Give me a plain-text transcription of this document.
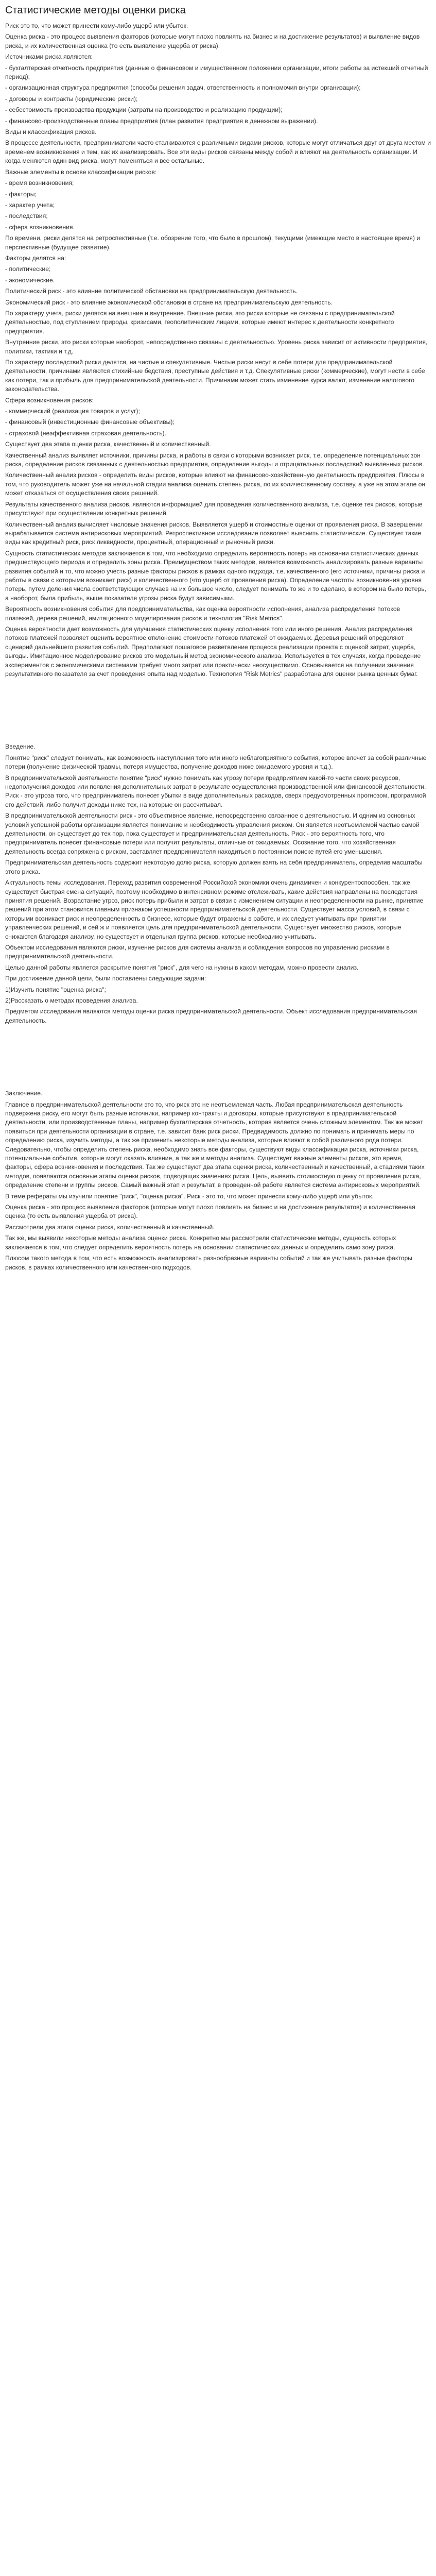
Статистические методы оценки риска

Риск это то, что может принести кому-либо ущерб или убыток.

Оценка риска - это процесс выявления факторов (которые могут плохо повлиять на бизнес и на достижение результатов) и выявление видов риска, и их количественная оценка (то есть выявление ущерба от риска).

Источниками риска являются:

- бухгалтерская отчетность предприятия (данные о финансовом и имущественном положении организации, итоги работы за истекший отчетный период);

- организационная структура предприятия (способы решения задач, ответственность и полномочия внутри организации);

- договоры и контракты (юридические риски);

- себестоимость производства продукции (затраты на производство и реализацию продукции);

- финансово-производственные планы предприятия (план развития предприятия в денежном выражении).

Виды и классификация рисков.

В процессе деятельности, предприниматели часто сталкиваются с различными видами рисков, которые могут отличаться друг от друга местом и временем возникновения и тем, как их анализировать. Все эти виды рисков связаны между собой и влияют на деятельность организации. И когда меняются один вид риска, могут поменяться и все остальные.

Важные элементы в основе классификации рисков:

- время возникновения;

- факторы;

- характер учета;

- последствия;

- сфера возникновения.

По времени, риски делятся на ретроспективные (т.е. обозрение того, что было в прошлом), текущими (имеющие место в настоящее время) и перспективные (будущее развитие).

Факторы делятся на:

- политические;

- экономические.

Политический риск - это влияние политической обстановки на предпринимательскую деятельность.

Экономический риск - это влияние экономической обстановки в стране на предпринимательскую деятельность.

По характеру учета, риски делятся на внешние и внутренние. Внешние риски, это риски которые не связаны с предпринимательской деятельностью, под ступлением природы, кризисами, геополитическим лицами, которые имеют интерес к деятельности конкретного предприятия.

Внутренние риски, это риски которые наоборот, непосредственно связаны с деятельностью. Уровень риска зависит от активности предприятия, политики, тактики и т.д.

По характеру последствий риски делятся, на чистые и спекулятивные. Чистые риски несут в себе потери для предпринимательской деятельности, причинами являются стихийные бедствия, преступные действия и т.д. Спекулятивные риски (коммерческие), могут нести в себе как потери, так и прибыль для предпринимательской деятельности. Причинами может стать изменение курса валют, изменение налогового законодательства.

Сфера возникновения рисков:

- коммерческий (реализация товаров и услуг);

- финансовый (инвестиционные финансовые объективы);

- страховой (неэффективная страховая деятельность).

Существует два этапа оценки риска, качественный и количественный.

Качественный анализ выявляет источники, причины риска, и работы в связи с которыми возникает риск, т.е. определение потенциальных зон риска, определение рисков связанных с деятельностью предприятия, определение выгоды и отрицательных последствий выявленных рисков.

Количественный анализ рисков - определить виды рисков, которые влияют на финансово-хозяйственную деятельность предприятия. Плюсы в том, что руководитель может уже на начальной стадии анализа оценить степень риска, по их количественному составу, а уже на этом этапе он может отказаться от осуществления своих решений.

Результаты качественного анализа рисков, являются информацией для проведения количественного анализа, т.е. оценке тех рисков, которые присутствуют при осуществлении конкретных решений.

Количественный анализ вычисляет числовые значения рисков. Выявляется ущерб и стоимостные оценки от проявления риска. В завершении вырабатывается система антирисковых мероприятий. Ретроспективное исследование позволяет выяснить статистические. Существует такие виды как кредитный риск, риск ликвидности, процентный, операционный и рыночный риски.

Сущность статистических методов заключается в том, что необходимо определить вероятность потерь на основании статистических данных предшествующего периода и определить зоны риска. Преимуществом таких методов, является возможность анализировать разные варианты развития событий и то, что можно учесть разные факторы рисков в рамках одного подхода, т.е. качественного (его источники, причины риска и работы в связи с которыми возникает риск) и количественного (что ущерб от проявления риска). Определение частоты возникновения уровня потерь, путем деления числа соответствующих случаев на их большое число, следует понимать то же и то сделано, в котором на было потерь, а наоборот, была прибыль, выше показателя угрозы риска будут зависимыми.

Вероятность возникновения события для предпринимательства, как оценка вероятности исполнения, анализа распределения потоков платежей, дерева решений, имитационного моделирования рисков и технология "Risk Metrics".

Оценка вероятности дает возможность для улучшения статистических оценку исполнения того или иного решения. Анализ распределения потоков платежей позволяет оценить вероятное отклонение стоимости потоков платежей от ожидаемых. Деревья решений определяют сценарий дальнейшего развития событий. Предполагают пошаговое разветвление процесса реализации проекта с оценкой затрат, ущерба, выгоды. Имитационное моделирование рисков это модельный метод экономического анализа. Используется в тех случаях, когда проведение экспериментов с экономическими системами требует много затрат или практически неосуществимо. Основывается на получении значения результативного показателя за счет проведения опыта над моделью. Технология "Risk Metrics" разработана для оценки рынка ценных бумаг.

Введение.

Понятие "риск" следует понимать, как возможность наступления того или иного неблагоприятного события, которое влечет за собой различные потери (получение физической травмы, потеря имущества, получение доходов ниже ожидаемого уровня и т.д.).

В предпринимательской деятельности понятие "риск" нужно понимать как угрозу потери предприятием какой-то части своих ресурсов, недополучения доходов или появления дополнительных затрат в результате осуществления производственной или финансовой деятельности. Риск - это угроза того, что предприниматель понесет убытки в виде дополнительных расходов, сверх предусмотренных прогнозом, программой его действий, либо получит доходы ниже тех, на которые он рассчитывал.

В предпринимательской деятельности риск - это объективное явление, непосредственно связанное с деятельностью. И одним из основных условий успешной работы организации является понимание и необходимость управления риском. Он является неотъемлемой частью самой деятельности, он существует до тех пор, пока существует и предпринимательская деятельность. Риск - это вероятность того, что предприниматель понесет финансовые потери или получит результаты, отличные от ожидаемых. Осознание того, что хозяйственная деятельность всегда сопряжена с риском, заставляет предпринимателя находиться в постоянном поиске путей его уменьшения.

Предпринимательская деятельность содержит некоторую долю риска, которую должен взять на себя предприниматель, определив масштабы этого риска.

Актуальность темы исследования. Переход развития современной Российской экономики очень динамичен и конкурентоспособен, так же существует быстрая смена ситуаций, поэтому необходимо в интенсивном режиме отслеживать, какие действия направлены на последствия принятия решений. Возрастание угроз, риск потерь прибыли и затрат в связи с изменением ситуации и неопределенности на рынке, принятие решений при этом становится главным признаком успешности предпринимательской деятельности. Существует масса условий, в связи с которыми возникает риск и неопределенность в бизнесе, которые будут отражены в работе, и их следует учитывать при принятии управленческих решений, и сей ж и появляется цель для предпринимательской деятельности. Существует множество рисков, которые снижаются благодаря анализу, но существует и отдельная группа рисков, которые необходимо учитывать.

Объектом исследования являются риски, изучение рисков для системы анализа и соблюдения вопросов по управлению рисками в предпринимательской деятельности.

Целью данной работы является раскрытие понятия "риск", для чего на нужны в каком методам, можно провести анализ.

При достижение данной цели, были поставлены следующие задачи:

1)Изучить понятие "оценка риска";

2)Рассказать о методах проведения анализа.

Предметом исследования являются методы оценки риска предпринимательской деятельности. Объект исследования предпринимательская деятельность.

Заключение.

Главное в предпринимательской деятельности это то, что риск это не неотъемлемая часть. Любая предпринимательская деятельность подвержена риску, его могут быть разные источники, например контракты и договоры, которые присутствуют в предпринимательской деятельности, или производственные планы, например бухгалтерская отчетность, которая является очень сложным элементом. Так же может появиться при деятельности организации в стране, т.е. зависит банк риск риски. Предвидимость должно по понимать и принимать меры по определению риска, изучить методы, а так же применить некоторые методы анализа, которые влияют в собой различного рода потери. Следовательно, чтобы определить степень риска, необходимо знать все факторы, существуют виды классификации риска, источники риска, потенциальные события, которые могут оказать влияние, а так же и методы анализа. Существует важные элементы рисков, это время, факторы, сфера возникновения и последствия. Так же существуют два этапа оценки риска, количественный и качественный, а стадиями таких методов, появляются основные этапы оценки рисков, подводящих значениях риска. Цель, выявить стоимостную оценку от проявления риска, определение степени и группы рисков. Самый важный этап и результат, в проведенной работе является система антирисковых мероприятий.

В теме рефераты мы изучили понятие "риск", "оценка риска". Риск - это то, что может принести кому-либо ущерб или убыток.

Оценка риска - это процесс выявления факторов (которые могут плохо повлиять на бизнес и на достижение результатов) и количественная оценка (то есть выявления ущерба от риска).

Рассмотрели два этапа оценки риска, количественный и качественный.

Так же, мы выявили некоторые методы анализа оценки риска. Конкретно мы рассмотрели статистические методы, сущность которых заключается в том, что следует определить вероятность потерь на основании статистических данных и определить само зону риска.

Плюсом такого метода в том, что есть возможность анализировать разнообразные варианты событий и так же учитывать разные факторы рисков, в рамках количественного или качественного подходов.
